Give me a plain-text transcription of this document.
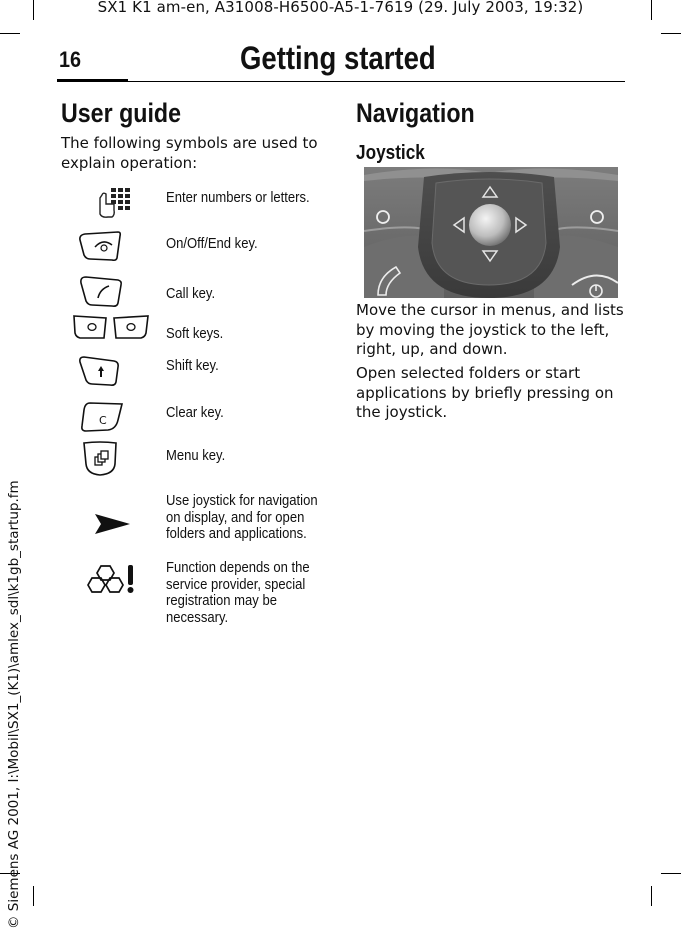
SX1 K1 am-en, A31008-H6500-A5-1-7619 (29. July 2003, 19:32)
16	Getting started
© Siemens AG 2001, I:\Mobil\SX1_(K1)\amlex_sdl\k1gb_startup.fm
User guide
The following symbols are used to
explain operation:
Enter numbers or letters.
On/Off/End key.
Call key.
Soft keys.
Shift key.
C	Clear key.
Menu key.
Use joystick for navigation
on display, and for open
folders and applications.
Function depends on the
service provider, special
registration may be
necessary.
Navigation
Joystick
Move the cursor in menus, and lists
by moving the joystick to the left,
right, up, and down.
Open selected folders or start
applications by briefly pressing on
the joystick.
